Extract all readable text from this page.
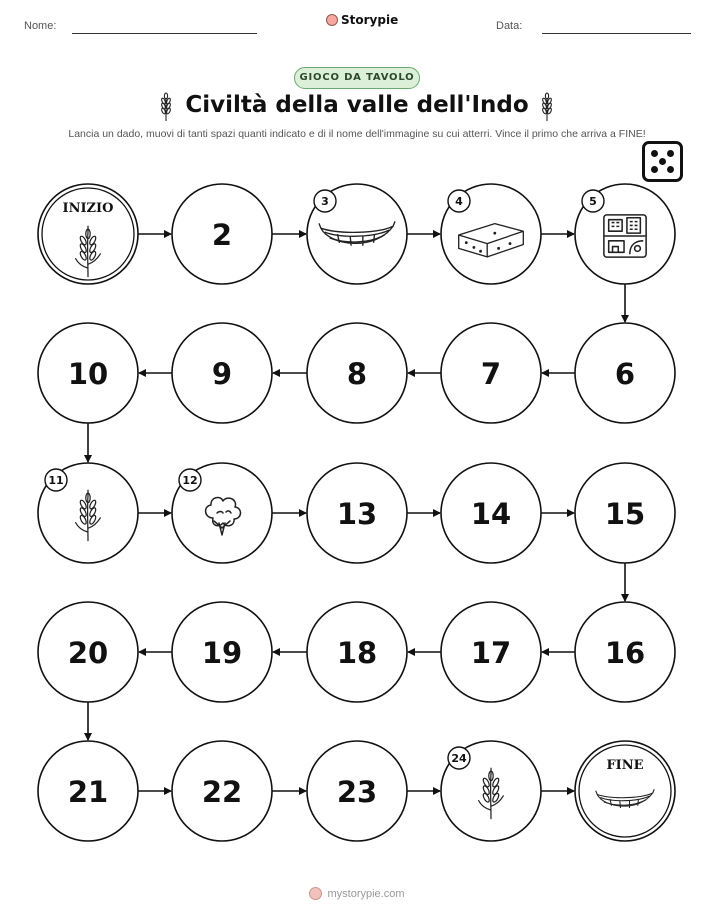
Nome:	Storypie	Data:
GIOCO DA TAVOLO
Civiltà della valle dell'Indo
Lancia un dado, muovi di tanti spazi quanti indicato e di il nome dell'immagine su cui atterri. Vince il primo che arriva a FINE!
INIZIO
2
3	4	5
6
7
8
9
10
11	12
13	14	15
16
17
18
19
20
21	22	23
24	FINE
mystorypie.com
